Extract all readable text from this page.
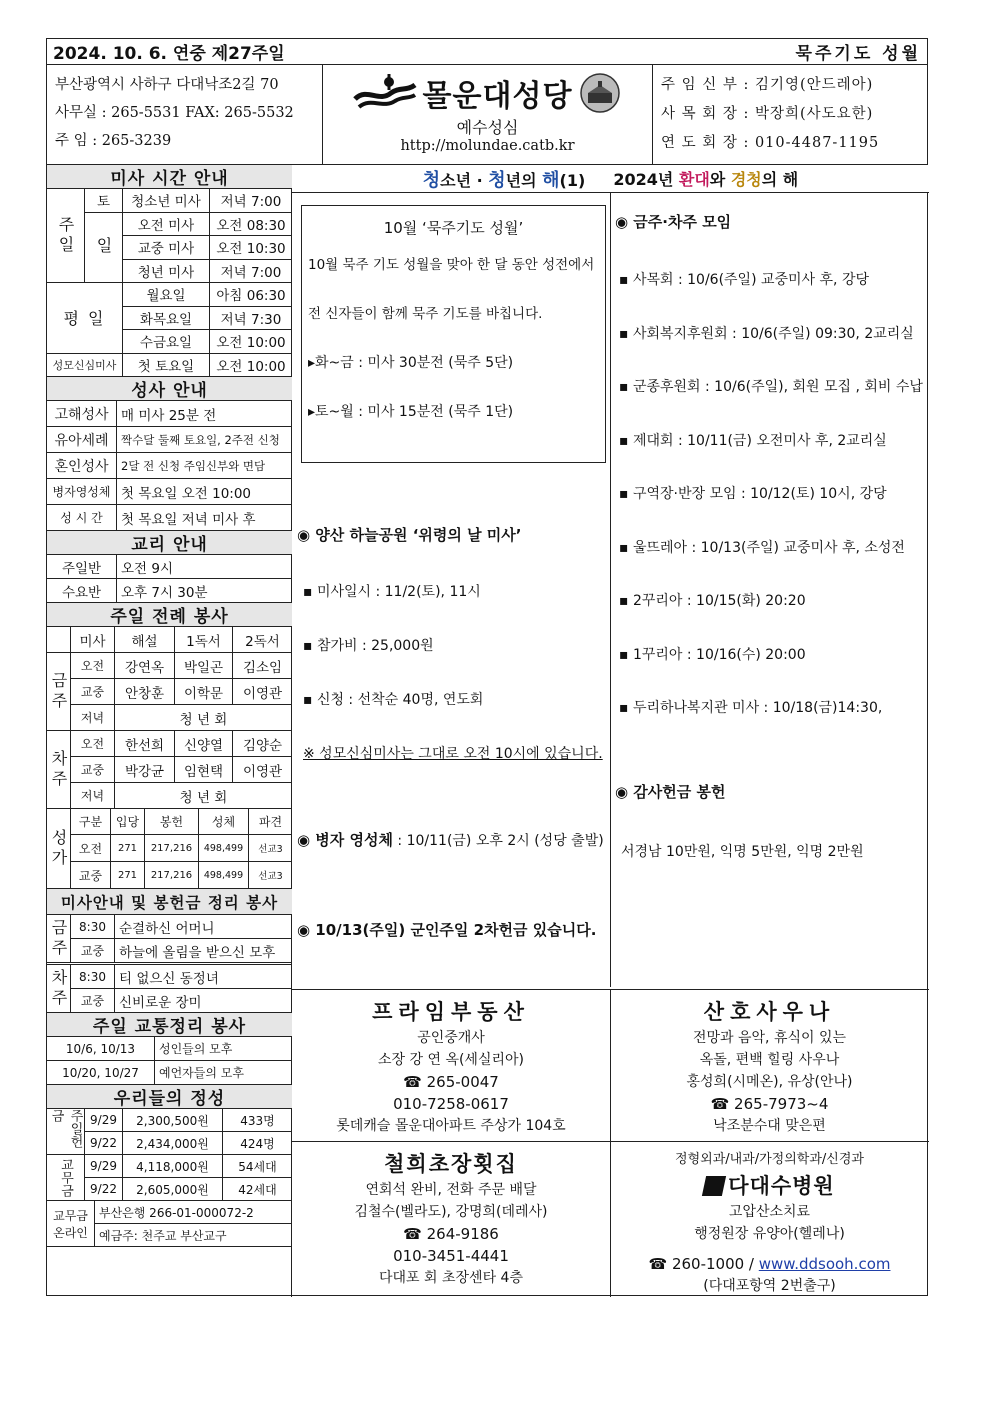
2024. 10. 6. 연중 제27주일	묵주기도 성월
부산광역시 사하구 다대낙조2길 70
사무실 : 265-5531 FAX: 265-5532
주 임 : 265-3239
몰운대성당
예수성심
http://molundae.catb.kr
주 임 신 부 : 김기영(안드레아)
사 목 회 장 : 박장희(사도요한)
연 도 회 장 : 010-4487-1195
미사 시간 안내
토	청소년 미사	저녁 7:00
오전 미사	오전 08:30
교중 미사	오전 10:30
청년 미사	저녁 7:00
주일	일
월요일	아침 06:30
화목요일	저녁 7:30
수금요일	오전 10:00
평 일
성모신심미사	첫 토요일	오전 10:00
성사 안내
고해성사 매 미사 25분 전
유아세례	짝수달 둘째 토요일, 2주전 신청
혼인성사	2달 전 신청 주임신부와 면담
병자영성체 첫 목요일 오전 10:00
성 시 간	첫 목요일 저녁 미사 후
교리 안내
주일반	오전 9시
수요반	오후 7시 30분
주일 전례 봉사
미사	해설	1독서	2독서
오전	강연옥	박일곤	김소임
교중	안창훈	이학문	이영관
저녁	청 년 회
금주
오전	한선희	신양열	김양순
교중	박강균	임현택	이영관
저녁	청 년 회
차주
구분	입당	봉헌	성체	파견
오전	271	217,216	498,499	선교3
교중	271	217,216	498,499	선교3
성가
미사안내 및 봉헌금 정리 봉사
8:30 순결하신 어머니
교중	하늘에 올림을 받으신 모후
금주
8:30 티 없으신 동정녀
교중	신비로운 장미
차주
주일 교통정리 봉사
10/6, 10/13	성인들의 모후
10/20, 10/27	예언자들의 모후
우리들의 정성
9/29	2,300,500원	433명
9/22	2,434,000원	424명
주일헌금
9/29	4,118,000원	54세대
9/22	2,605,000원	42세대
교무금
부산은행 266-01-000072-2
예금주: 천주교 부산교구
교무금 온라인
청소년 · 청년의 해(1) 2024년 환대와 경청의 해
10월 ‘묵주기도 성월’
10월 묵주 기도 성월을 맞아 한 달 동안 성전에서
전 신자들이 함께 묵주 기도를 바칩니다.
▸화~금 : 미사 30분전 (묵주 5단)
▸토~월 : 미사 15분전 (묵주 1단)
◉ 양산 하늘공원 ‘위령의 날 미사’
▪ 미사일시 : 11/2(토), 11시
▪ 참가비 : 25,000원
▪ 신청 : 선착순 40명, 연도회
※ 성모신심미사는 그대로 오전 10시에 있습니다.
◉ 병자 영성체 : 10/11(금) 오후 2시 (성당 출발)
◉ 10/13(주일) 군인주일 2차헌금 있습니다.
◉ 금주·차주 모임
▪ 사목회 : 10/6(주일) 교중미사 후, 강당
▪ 사회복지후원회 : 10/6(주일) 09:30, 2교리실
▪ 군종후원회 : 10/6(주일), 회원 모집 , 회비 수납
▪ 제대회 : 10/11(금) 오전미사 후, 2교리실
▪ 구역장·반장 모임 : 10/12(토) 10시, 강당
▪ 울뜨레아 : 10/13(주일) 교중미사 후, 소성전
▪ 2꾸리아 : 10/15(화) 20:20
▪ 1꾸리아 : 10/16(수) 20:00
▪ 두리하나복지관 미사 : 10/18(금)14:30,
◉ 감사헌금 봉헌
서경남 10만원, 익명 5만원, 익명 2만원
프라임부동산
공인중개사
소장 강 연 옥(세실리아)
☎ 265-0047
010-7258-0617
롯데캐슬 몰운대아파트 주상가 104호
산호사우나
전망과 음악, 휴식이 있는
옥돌, 편백 힐링 사우나
홍성희(시메온), 유상(안나)
☎ 265-7973~4
낙조분수대 맞은편
철희초장횟집
연회석 완비, 전화 주문 배달
김철수(벨라도), 강명희(데레사)
☎ 264-9186
010-3451-4441
다대포 회 초장센타 4층
정형외과/내과/가정의학과/신경과
다대수병원
고압산소치료
행정원장 유양아(헬레나)
☎ 260-1000 / www.ddsooh.com
(다대포항역 2번출구)
